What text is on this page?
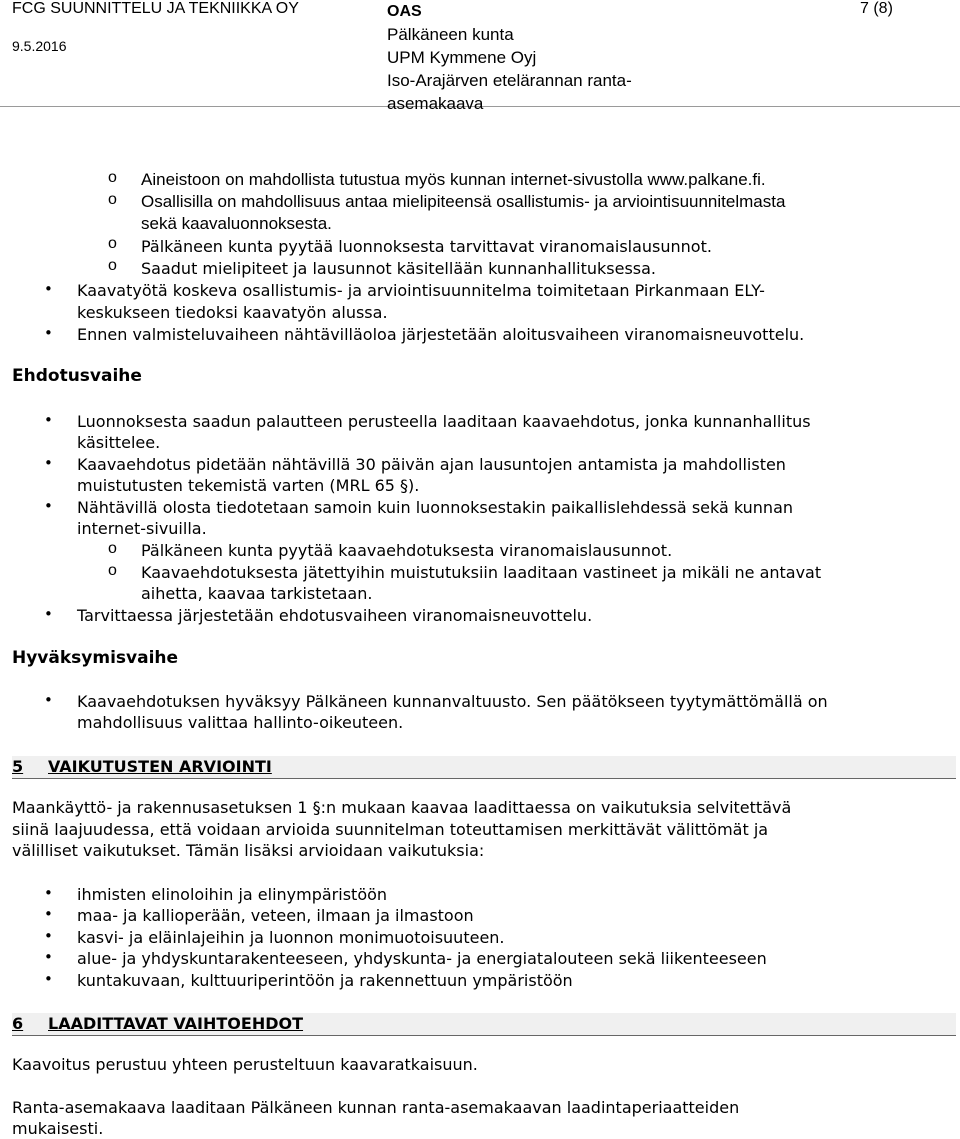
FCG SUUNNITTELU JA TEKNIIKKA OY
9.5.2016
OAS
Pälkäneen kunta
UPM Kymmene Oyj
Iso-Arajärven etelärannan ranta-
asemakaava
7 (8)
o Aineistoon on mahdollista tutustua myös kunnan internet-sivustolla www.palkane.fi.
o Osallisilla on mahdollisuus antaa mielipiteensä osallistumis- ja arviointisuunnitelmasta
sekä kaavaluonnoksesta.
o Pälkäneen kunta pyytää luonnoksesta tarvittavat viranomaislausunnot.
o Saadut mielipiteet ja lausunnot käsitellään kunnanhallituksessa.
• Kaavatyötä koskeva osallistumis- ja arviointisuunnitelma toimitetaan Pirkanmaan ELY-
keskukseen tiedoksi kaavatyön alussa.
• Ennen valmisteluvaiheen nähtävilläoloa järjestetään aloitusvaiheen viranomaisneuvottelu.
Ehdotusvaihe
• Luonnoksesta saadun palautteen perusteella laaditaan kaavaehdotus, jonka kunnanhallitus
käsittelee.
• Kaavaehdotus pidetään nähtävillä 30 päivän ajan lausuntojen antamista ja mahdollisten
muistutusten tekemistä varten (MRL 65 §).
• Nähtävillä olosta tiedotetaan samoin kuin luonnoksestakin paikallislehdessä sekä kunnan
internet-sivuilla.
o Pälkäneen kunta pyytää kaavaehdotuksesta viranomaislausunnot.
o Kaavaehdotuksesta jätettyihin muistutuksiin laaditaan vastineet ja mikäli ne antavat
aihetta, kaavaa tarkistetaan.
• Tarvittaessa järjestetään ehdotusvaiheen viranomaisneuvottelu.
Hyväksymisvaihe
• Kaavaehdotuksen hyväksyy Pälkäneen kunnanvaltuusto. Sen päätökseen tyytymättömällä on
mahdollisuus valittaa hallinto-oikeuteen.
5 VAIKUTUSTEN ARVIOINTI
Maankäyttö- ja rakennusasetuksen 1 §:n mukaan kaavaa laadittaessa on vaikutuksia selvitettävä
siinä laajuudessa, että voidaan arvioida suunnitelman toteuttamisen merkittävät välittömät ja
välilliset vaikutukset. Tämän lisäksi arvioidaan vaikutuksia:
• ihmisten elinoloihin ja elinympäristöön
• maa- ja kallioperään, veteen, ilmaan ja ilmastoon
• kasvi- ja eläinlajeihin ja luonnon monimuotoisuuteen.
• alue- ja yhdyskuntarakenteeseen, yhdyskunta- ja energiatalouteen sekä liikenteeseen
• kuntakuvaan, kulttuuriperintöön ja rakennettuun ympäristöön
6 LAADITTAVAT VAIHTOEHDOT
Kaavoitus perustuu yhteen perusteltuun kaavaratkaisuun.
Ranta-asemakaava laaditaan Pälkäneen kunnan ranta-asemakaavan laadintaperiaatteiden
mukaisesti.
